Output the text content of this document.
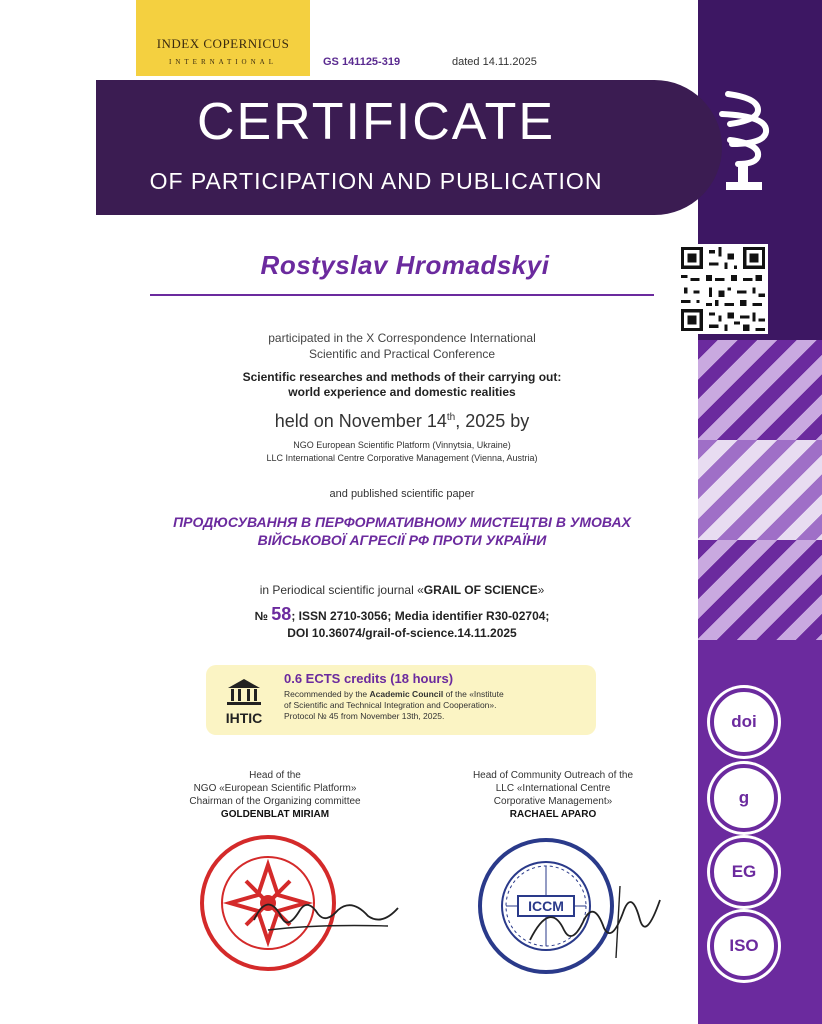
INDEX COPERNICUS
INTERNATIONAL	GS 141125-319	dated 14.11.2025
CERTIFICATE
OF PARTICIPATION AND PUBLICATION
Rostyslav Hromadskyi
participated in the X Correspondence International
Scientific and Practical Conference
Scientific researches and methods of their carrying out:
world experience and domestic realities
held on November 14th, 2025 by
NGO European Scientific Platform (Vinnytsia, Ukraine)
LLC International Centre Corporative Management (Vienna, Austria)
and published scientific paper
ПРОДЮСУВАННЯ В ПЕРФОРМАТИВНОМУ МИСТЕЦТВІ В УМОВАХ
ВІЙСЬКОВОЇ АГРЕСІЇ РФ ПРОТИ УКРАЇНИ
in Periodical scientific journal «GRAIL OF SCIENCE»
№ 58; ISSN 2710-3056; Media identifier R30-02704;
DOI 10.36074/grail-of-science.14.11.2025
IHTIC
0.6 ECTS credits (18 hours)
Recommended by the Academic Council of the «Institute
of Scientific and Technical Integration and Cooperation».
Protocol № 45 from November 13th, 2025.
Head of the
NGO «European Scientific Platform»
Chairman of the Organizing committee
GOLDENBLAT MIRIAM
Head of Community Outreach of the
LLC «International Centre
Corporative Management»
RACHAEL APARO
ICCM
doi
g
EG
ISO
